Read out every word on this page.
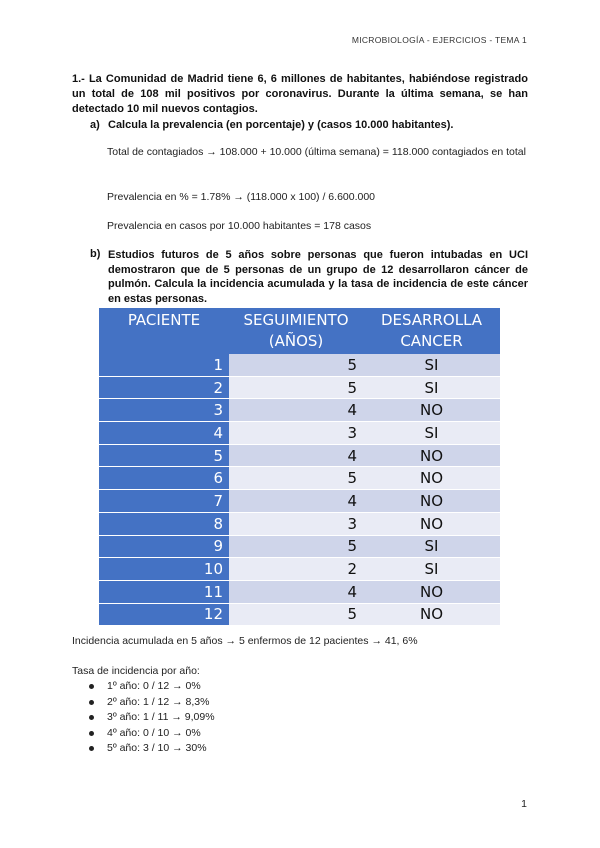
MICROBIOLOGÍA - EJERCICIOS - TEMA 1
1.- La Comunidad de Madrid tiene 6, 6 millones de habitantes, habiéndose registrado un total de 108 mil positivos por coronavirus. Durante la última semana, se han detectado 10 mil nuevos contagios.
a) Calcula la prevalencia (en porcentaje) y (casos 10.000 habitantes).
Total de contagiados → 108.000 + 10.000 (última semana) = 118.000 contagiados en total
Prevalencia en % = 1.78% → (118.000 x 100) / 6.600.000
Prevalencia en casos por 10.000 habitantes = 178 casos
b) Estudios futuros de 5 años sobre personas que fueron intubadas en UCI demostraron que de 5 personas de un grupo de 12 desarrollaron cáncer de pulmón. Calcula la incidencia acumulada y la tasa de incidencia de este cáncer en estas personas.
PACIENTE	SEGUIMIENTO (AÑOS)	DESARROLLA CANCER
1	5	SI
2	5	SI
3	4	NO
4	3	SI
5	4	NO
6	5	NO
7	4	NO
8	3	NO
9	5	SI
10	2	SI
11	4	NO
12	5	NO
Incidencia acumulada en 5 años → 5 enfermos de 12 pacientes → 41, 6%
Tasa de incidencia por año:
1º año: 0 / 12 → 0%
2º año: 1 / 12 → 8,3%
3º año: 1 / 11 → 9,09%
4º año: 0 / 10 → 0%
5º año: 3 / 10 → 30%
1
